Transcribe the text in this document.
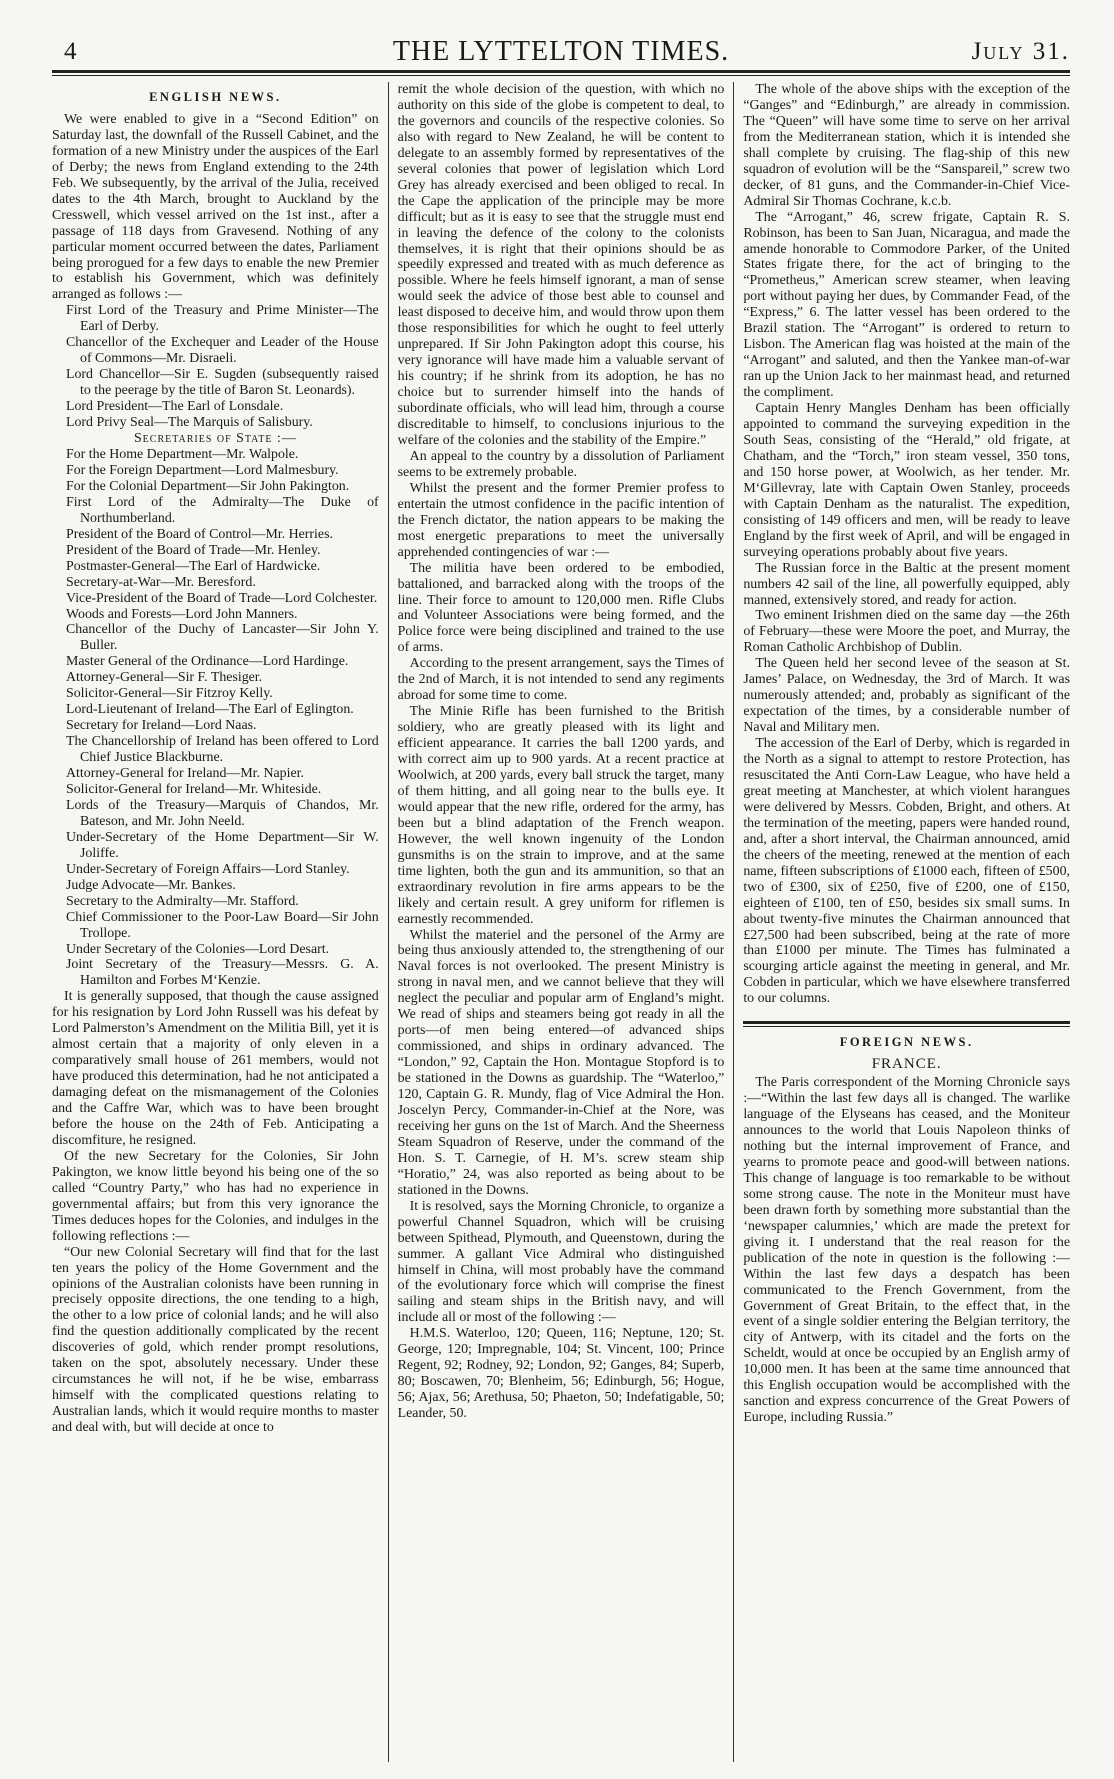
4	THE LYTTELTON TIMES.	July 31.
ENGLISH NEWS.

We were enabled to give in a “Second Edition” on Saturday last, the downfall of the Russell Cabinet, and the formation of a new Ministry under the auspices of the Earl of Derby; the news from England extending to the 24th Feb. We subsequently, by the arrival of the Julia, received dates to the 4th March, brought to Auckland by the Cresswell, which vessel arrived on the 1st inst., after a passage of 118 days from Gravesend. Nothing of any particular moment occurred between the dates, Parliament being prorogued for a few days to enable the new Premier to establish his Government, which was definitely arranged as follows :—

First Lord of the Treasury and Prime Minister—The Earl of Derby.
Chancellor of the Exchequer and Leader of the House of Commons—Mr. Disraeli.
Lord Chancellor—Sir E. Sugden (subsequently raised to the peerage by the title of Baron St. Leonards).
Lord President—The Earl of Lonsdale.
Lord Privy Seal—The Marquis of Salisbury.
Secretaries of State :—
For the Home Department—Mr. Walpole.
For the Foreign Department—Lord Malmesbury.
For the Colonial Department—Sir John Pakington.
First Lord of the Admiralty—The Duke of Northumberland.
President of the Board of Control—Mr. Herries.
President of the Board of Trade—Mr. Henley.
Postmaster-General—The Earl of Hardwicke.
Secretary-at-War—Mr. Beresford.
Vice-President of the Board of Trade—Lord Colchester.
Woods and Forests—Lord John Manners.
Chancellor of the Duchy of Lancaster—Sir John Y. Buller.
Master General of the Ordinance—Lord Hardinge.
Attorney-General—Sir F. Thesiger.
Solicitor-General—Sir Fitzroy Kelly.
Lord-Lieutenant of Ireland—The Earl of Eglington.
Secretary for Ireland—Lord Naas.
The Chancellorship of Ireland has been offered to Lord Chief Justice Blackburne.
Attorney-General for Ireland—Mr. Napier.
Solicitor-General for Ireland—Mr. Whiteside.
Lords of the Treasury—Marquis of Chandos, Mr. Bateson, and Mr. John Neeld.
Under-Secretary of the Home Department—Sir W. Joliffe.
Under-Secretary of Foreign Affairs—Lord Stanley.
Judge Advocate—Mr. Bankes.
Secretary to the Admiralty—Mr. Stafford.
Chief Commissioner to the Poor-Law Board—Sir John Trollope.
Under Secretary of the Colonies—Lord Desart.
Joint Secretary of the Treasury—Messrs. G. A. Hamilton and Forbes M‘Kenzie.

It is generally supposed, that though the cause assigned for his resignation by Lord John Russell was his defeat by Lord Palmerston’s Amendment on the Militia Bill, yet it is almost certain that a majority of only eleven in a comparatively small house of 261 members, would not have produced this determination, had he not anticipated a damaging defeat on the mismanagement of the Colonies and the Caffre War, which was to have been brought before the house on the 24th of Feb. Anticipating a discomfiture, he resigned.

Of the new Secretary for the Colonies, Sir John Pakington, we know little beyond his being one of the so called “Country Party,” who has had no experience in governmental affairs; but from this very ignorance the Times deduces hopes for the Colonies, and indulges in the following reflections :—

“Our new Colonial Secretary will find that for the last ten years the policy of the Home Government and the opinions of the Australian colonists have been running in precisely opposite directions, the one tending to a high, the other to a low price of colonial lands; and he will also find the question additionally complicated by the recent discoveries of gold, which render prompt resolutions, taken on the spot, absolutely necessary. Under these circumstances he will not, if he be wise, embarrass himself with the complicated questions relating to Australian lands, which it would require months to master and deal with, but will decide at once to

remit the whole decision of the question, with which no authority on this side of the globe is competent to deal, to the governors and councils of the respective colonies. So also with regard to New Zealand, he will be content to delegate to an assembly formed by representatives of the several colonies that power of legislation which Lord Grey has already exercised and been obliged to recal. In the Cape the application of the principle may be more difficult; but as it is easy to see that the struggle must end in leaving the defence of the colony to the colonists themselves, it is right that their opinions should be as speedily expressed and treated with as much deference as possible. Where he feels himself ignorant, a man of sense would seek the advice of those best able to counsel and least disposed to deceive him, and would throw upon them those responsibilities for which he ought to feel utterly unprepared. If Sir John Pakington adopt this course, his very ignorance will have made him a valuable servant of his country; if he shrink from its adoption, he has no choice but to surrender himself into the hands of subordinate officials, who will lead him, through a course discreditable to himself, to conclusions injurious to the welfare of the colonies and the stability of the Empire.”

An appeal to the country by a dissolution of Parliament seems to be extremely probable.

Whilst the present and the former Premier profess to entertain the utmost confidence in the pacific intention of the French dictator, the nation appears to be making the most energetic preparations to meet the universally apprehended contingencies of war :—

The militia have been ordered to be embodied, battalioned, and barracked along with the troops of the line. Their force to amount to 120,000 men. Rifle Clubs and Volunteer Associations were being formed, and the Police force were being disciplined and trained to the use of arms.

According to the present arrangement, says the Times of the 2nd of March, it is not intended to send any regiments abroad for some time to come.

The Minie Rifle has been furnished to the British soldiery, who are greatly pleased with its light and efficient appearance. It carries the ball 1200 yards, and with correct aim up to 900 yards. At a recent practice at Woolwich, at 200 yards, every ball struck the target, many of them hitting, and all going near to the bulls eye. It would appear that the new rifle, ordered for the army, has been but a blind adaptation of the French weapon. However, the well known ingenuity of the London gunsmiths is on the strain to improve, and at the same time lighten, both the gun and its ammunition, so that an extraordinary revolution in fire arms appears to be the likely and certain result. A grey uniform for riflemen is earnestly recommended.

Whilst the materiel and the personel of the Army are being thus anxiously attended to, the strengthening of our Naval forces is not overlooked. The present Ministry is strong in naval men, and we cannot believe that they will neglect the peculiar and popular arm of England’s might. We read of ships and steamers being got ready in all the ports—of men being entered—of advanced ships commissioned, and ships in ordinary advanced. The “London,” 92, Captain the Hon. Montague Stopford is to be stationed in the Downs as guardship. The “Waterloo,” 120, Captain G. R. Mundy, flag of Vice Admiral the Hon. Joscelyn Percy, Commander-in-Chief at the Nore, was receiving her guns on the 1st of March. And the Sheerness Steam Squadron of Reserve, under the command of the Hon. S. T. Carnegie, of H. M’s. screw steam ship “Horatio,” 24, was also reported as being about to be stationed in the Downs.

It is resolved, says the Morning Chronicle, to organize a powerful Channel Squadron, which will be cruising between Spithead, Plymouth, and Queenstown, during the summer. A gallant Vice Admiral who distinguished himself in China, will most probably have the command of the evolutionary force which will comprise the finest sailing and steam ships in the British navy, and will include all or most of the following :—

H.M.S. Waterloo, 120; Queen, 116; Neptune, 120; St. George, 120; Impregnable, 104; St. Vincent, 100; Prince Regent, 92; Rodney, 92; London, 92; Ganges, 84; Superb, 80; Boscawen, 70; Blenheim, 56; Edinburgh, 56; Hogue, 56; Ajax, 56; Arethusa, 50; Phaeton, 50; Indefatigable, 50; Leander, 50.

The whole of the above ships with the exception of the “Ganges” and “Edinburgh,” are already in commission. The “Queen” will have some time to serve on her arrival from the Mediterranean station, which it is intended she shall complete by cruising. The flag-ship of this new squadron of evolution will be the “Sanspareil,” screw two decker, of 81 guns, and the Commander-in-Chief Vice-Admiral Sir Thomas Cochrane, k.c.b.

The “Arrogant,” 46, screw frigate, Captain R. S. Robinson, has been to San Juan, Nicaragua, and made the amende honorable to Commodore Parker, of the United States frigate there, for the act of bringing to the “Prometheus,” American screw steamer, when leaving port without paying her dues, by Commander Fead, of the “Express,” 6. The latter vessel has been ordered to the Brazil station. The “Arrogant” is ordered to return to Lisbon. The American flag was hoisted at the main of the “Arrogant” and saluted, and then the Yankee man-of-war ran up the Union Jack to her mainmast head, and returned the compliment.

Captain Henry Mangles Denham has been officially appointed to command the surveying expedition in the South Seas, consisting of the “Herald,” old frigate, at Chatham, and the “Torch,” iron steam vessel, 350 tons, and 150 horse power, at Woolwich, as her tender. Mr. M‘Gillevray, late with Captain Owen Stanley, proceeds with Captain Denham as the naturalist. The expedition, consisting of 149 officers and men, will be ready to leave England by the first week of April, and will be engaged in surveying operations probably about five years.

The Russian force in the Baltic at the present moment numbers 42 sail of the line, all powerfully equipped, ably manned, extensively stored, and ready for action.

Two eminent Irishmen died on the same day —the 26th of February—these were Moore the poet, and Murray, the Roman Catholic Archbishop of Dublin.

The Queen held her second levee of the season at St. James’ Palace, on Wednesday, the 3rd of March. It was numerously attended; and, probably as significant of the expectation of the times, by a considerable number of Naval and Military men.

The accession of the Earl of Derby, which is regarded in the North as a signal to attempt to restore Protection, has resuscitated the Anti Corn-Law League, who have held a great meeting at Manchester, at which violent harangues were delivered by Messrs. Cobden, Bright, and others. At the termination of the meeting, papers were handed round, and, after a short interval, the Chairman announced, amid the cheers of the meeting, renewed at the mention of each name, fifteen subscriptions of £1000 each, fifteen of £500, two of £300, six of £250, five of £200, one of £150, eighteen of £100, ten of £50, besides six small sums. In about twenty-five minutes the Chairman announced that £27,500 had been subscribed, being at the rate of more than £1000 per minute. The Times has fulminated a scourging article against the meeting in general, and Mr. Cobden in particular, which we have elsewhere transferred to our columns.

FOREIGN NEWS.
FRANCE.

The Paris correspondent of the Morning Chronicle says :—“Within the last few days all is changed. The warlike language of the Elyseans has ceased, and the Moniteur announces to the world that Louis Napoleon thinks of nothing but the internal improvement of France, and yearns to promote peace and good-will between nations. This change of language is too remarkable to be without some strong cause. The note in the Moniteur must have been drawn forth by something more substantial than the ‘newspaper calumnies,’ which are made the pretext for giving it. I understand that the real reason for the publication of the note in question is the following :—Within the last few days a despatch has been communicated to the French Government, from the Government of Great Britain, to the effect that, in the event of a single soldier entering the Belgian territory, the city of Antwerp, with its citadel and the forts on the Scheldt, would at once be occupied by an English army of 10,000 men. It has been at the same time announced that this English occupation would be accomplished with the sanction and express concurrence of the Great Powers of Europe, including Russia.”
